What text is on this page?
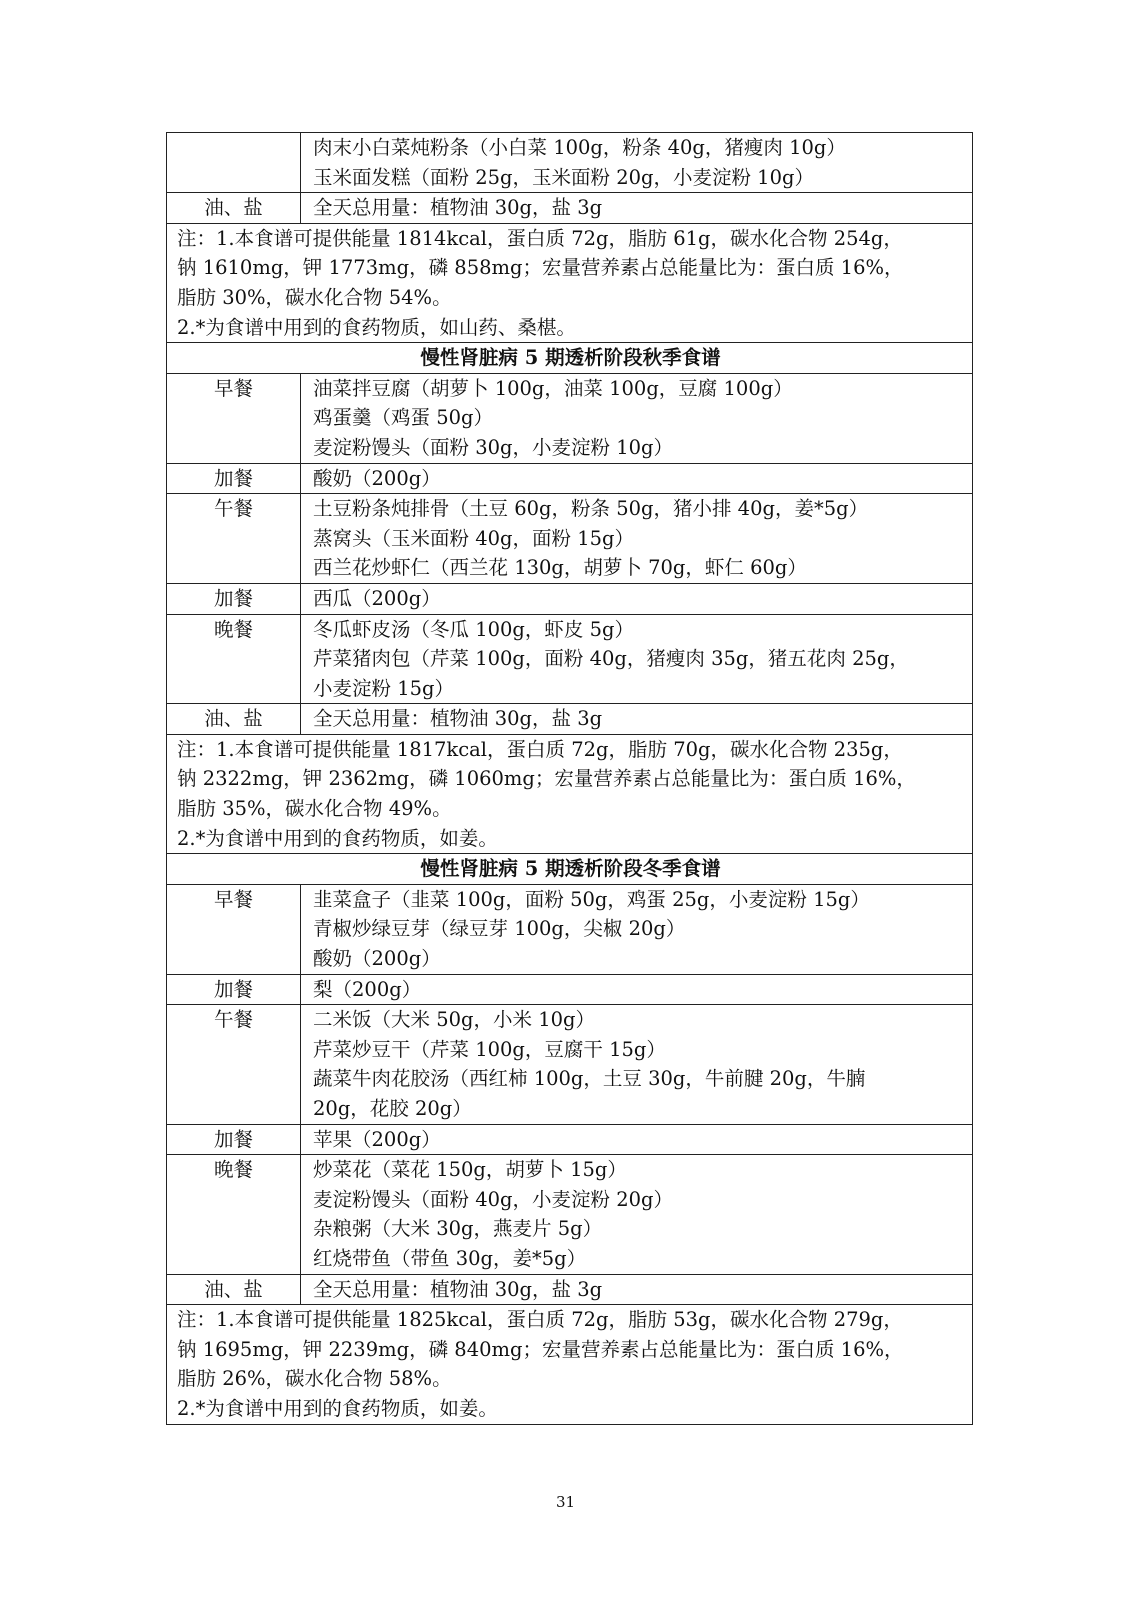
	肉末小白菜炖粉条（小白菜 100g，粉条 40g，猪瘦肉 10g）
玉米面发糕（面粉 25g，玉米面粉 20g，小麦淀粉 10g）

油、盐	全天总用量：植物油 30g，盐 3g

注：1.本食谱可提供能量 1814kcal，蛋白质 72g，脂肪 61g，碳水化合物 254g，
钠 1610mg，钾 1773mg，磷 858mg；宏量营养素占总能量比为：蛋白质 16%，
脂肪 30%，碳水化合物 54%。
2.*为食谱中用到的食药物质，如山药、桑椹。	

慢性肾脏病 5 期透析阶段秋季食谱	

早餐	油菜拌豆腐（胡萝卜 100g，油菜 100g，豆腐 100g）
鸡蛋羹（鸡蛋 50g）
麦淀粉馒头（面粉 30g，小麦淀粉 10g）

加餐	酸奶（200g）

午餐	土豆粉条炖排骨（土豆 60g，粉条 50g，猪小排 40g，姜*5g）
蒸窝头（玉米面粉 40g，面粉 15g）
西兰花炒虾仁（西兰花 130g，胡萝卜 70g，虾仁 60g）

加餐	西瓜（200g）

晚餐	冬瓜虾皮汤（冬瓜 100g，虾皮 5g）
芹菜猪肉包（芹菜 100g，面粉 40g，猪瘦肉 35g，猪五花肉 25g，
小麦淀粉 15g）

油、盐	全天总用量：植物油 30g，盐 3g

注：1.本食谱可提供能量 1817kcal，蛋白质 72g，脂肪 70g，碳水化合物 235g，
钠 2322mg，钾 2362mg，磷 1060mg；宏量营养素占总能量比为：蛋白质 16%，
脂肪 35%，碳水化合物 49%。
2.*为食谱中用到的食药物质，如姜。	

慢性肾脏病 5 期透析阶段冬季食谱	

早餐	韭菜盒子（韭菜 100g，面粉 50g，鸡蛋 25g，小麦淀粉 15g）
青椒炒绿豆芽（绿豆芽 100g，尖椒 20g）
酸奶（200g）

加餐	梨（200g）

午餐	二米饭（大米 50g，小米 10g）
芹菜炒豆干（芹菜 100g，豆腐干 15g）
蔬菜牛肉花胶汤（西红柿 100g，土豆 30g，牛前腱 20g，牛腩
20g，花胶 20g）

加餐	苹果（200g）

晚餐	炒菜花（菜花 150g，胡萝卜 15g）
麦淀粉馒头（面粉 40g，小麦淀粉 20g）
杂粮粥（大米 30g，燕麦片 5g）
红烧带鱼（带鱼 30g，姜*5g）

油、盐	全天总用量：植物油 30g，盐 3g

注：1.本食谱可提供能量 1825kcal，蛋白质 72g，脂肪 53g，碳水化合物 279g，
钠 1695mg，钾 2239mg，磷 840mg；宏量营养素占总能量比为：蛋白质 16%，
脂肪 26%，碳水化合物 58%。
2.*为食谱中用到的食药物质，如姜。	
31
